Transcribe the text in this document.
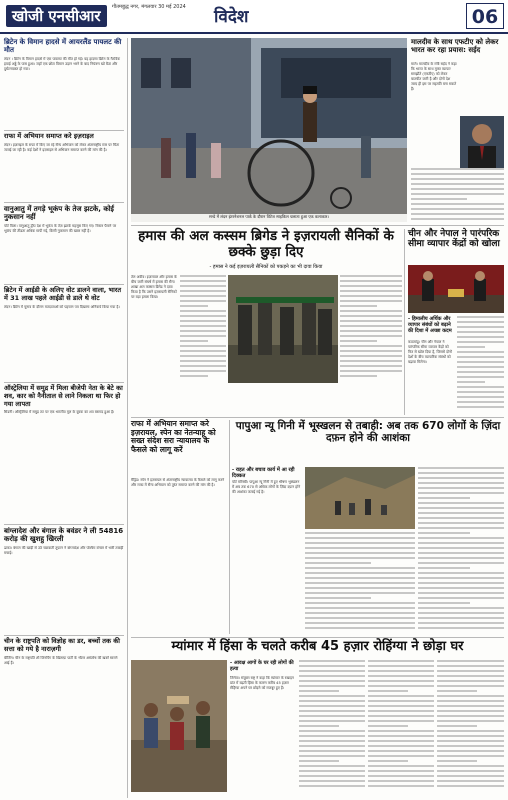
खोजी एनसीआर	गौतमबुद्ध नगर, मंगलवार 30 मई 2024 विदेश	06
ब्रिटेन के विमान हादसे में आयरलैंड पायलट की मौत
लंदन । ब्रिटेन के विमान हादसे में एक पायलट की मौत हो गई। यह हादसा ब्रिटेन के गैटविक हवाई अड्डे के पास हुआ। जहाँ एक छोटा विमान उड़ान भरने के बाद नियंत्रण खो बैठा और दुर्घटनाग्रस्त हो गया।
राफा में अभियान समाप्त करे इज़राइल
लंदन। इज़राइल के राफा में किए जा रहे सैन्य अभियान को लेकर अंतरराष्ट्रीय स्तर पर चिंता जताई जा रही है। कई देशों ने इज़राइल से अभियान समाप्त करने की मांग की है।
वानुआतु में तगड़े भूकंप के तेज झटके, कोई नुकसान नहीं
पोर्ट विला। वानुआतु द्वीप देश में भूकंप के तेज़ झटके महसूस किए गए। रिक्टर पैमाने पर भूकंप की तीव्रता अधिक मापी गई, किसी नुकसान की खबर नहीं है।
ब्रिटेन में आईडी के अलिए वोट डालने वाला, भारत में 31 लाख पहले आईडी से डाले थे वोट
लंदन। ब्रिटेन में चुनाव के दौरान मतदाताओं को पहचान पत्र दिखाना अनिवार्य किया गया है।
ऑस्ट्रेलिया में समुद्र में मिला बीजेपी नेता के बेटे का शव, कार को नैनीताल से लाने निकला था फिर हो गया लापता
सिडनी। ऑस्ट्रेलिया में समुद्र तट पर एक भारतीय मूल के युवक का शव बरामद हुआ है।
बांग्लादेश और बंगाल के बवंडर ने ली 54816 करोड़ की खुशहु खिरली
ढाका। बंगाल की खाड़ी से उठे चक्रवाती तूफ़ान ने बांग्लादेश और पश्चिम बंगाल में भारी तबाही मचाई।
चीन के राष्ट्रपति को विज्ञोह का डर, बच्चों तक की सत्ता को गये है नाराज़गी
बीजिंग। चीन के राष्ट्रपति शी जिनपिंग के खिलाफ़ पार्टी के भीतर असंतोष की खबरें सामने आई हैं।
सन्डे में लंदन इंटरनेशनल पार्क के दौरान विंटेज साइकिल चलाता हुआ एक कलाकार।
मालदीव के साथ एफटीए को लेकर भारत कर रहा प्रयास: सईद
माले। मालदीव के मंत्री सईद ने कहा कि भारत के साथ मुक्त व्यापार समझौते (एफटीए) को लेकर बातचीत जारी है और दोनों देश जल्द ही इस पर सहमति बना सकते हैं।
हमास की अल कस्सम ब्रिगेड ने इज़रायली सैनिकों के छक्के छुड़ा दिए
- हमास ने कई इज़रायली सैनिकों को पकड़ने का भी दावा किया
तेल अवीव। इज़रायल और हमास के बीच जारी संघर्ष में हमास की सैन्य शाखा अल कस्सम ब्रिगेड ने दावा किया है कि उसने इज़रायली सैनिकों पर बड़ा हमला किया।
चीन और नेपाल ने पारंपरिक सीमा व्यापार केंद्रों को खोला
- हिमालीय अर्थिक और व्यापार संबंधों को बढ़ाने की दिशा में अच्छा कदम
काठमांडू। चीन और नेपाल ने पारंपरिक सीमा व्यापार केंद्रों को फिर से खोल दिया है, जिससे दोनों देशों के बीच व्यापारिक संबंधों को बढ़ावा मिलेगा।
राफा में अभियान समाप्त करे इज़रायल, स्पेन का नेतन्याहू को सख्त संदेश सरा न्यायालय के फैसले को लागू करें
मैड्रिड। स्पेन ने इज़रायल से अंतरराष्ट्रीय न्यायालय के फैसले को लागू करने और राफा में सैन्य अभियान को तुरंत समाप्त करने की मांग की है।
पापुआ न्यू गिनी में भूस्खलन से तबाही: अब तक 670 लोगों के ज़िंदा दफ़न होने की आशंका
- राहत और बचाव कार्य में आ रही दिक्कत
पोर्ट मोरेस्बी। पापुआ न्यू गिनी में हुए भीषण भूस्खलन में अब तक 670 से अधिक लोगों के ज़िंदा दफ़न होने की आशंका जताई गई है।
म्यांमार में हिंसा के चलते करीब 45 हज़ार रोहिंग्या ने छोड़ा घर
- आवक्ष आगों के घर रही लोगों की हत्या
जिनेवा। संयुक्त राष्ट्र ने कहा कि म्यांमार के रखाइन प्रांत में बढ़ती हिंसा के कारण करीब 45 हज़ार रोहिंग्या अपने घर छोड़ने को मजबूर हुए हैं।
